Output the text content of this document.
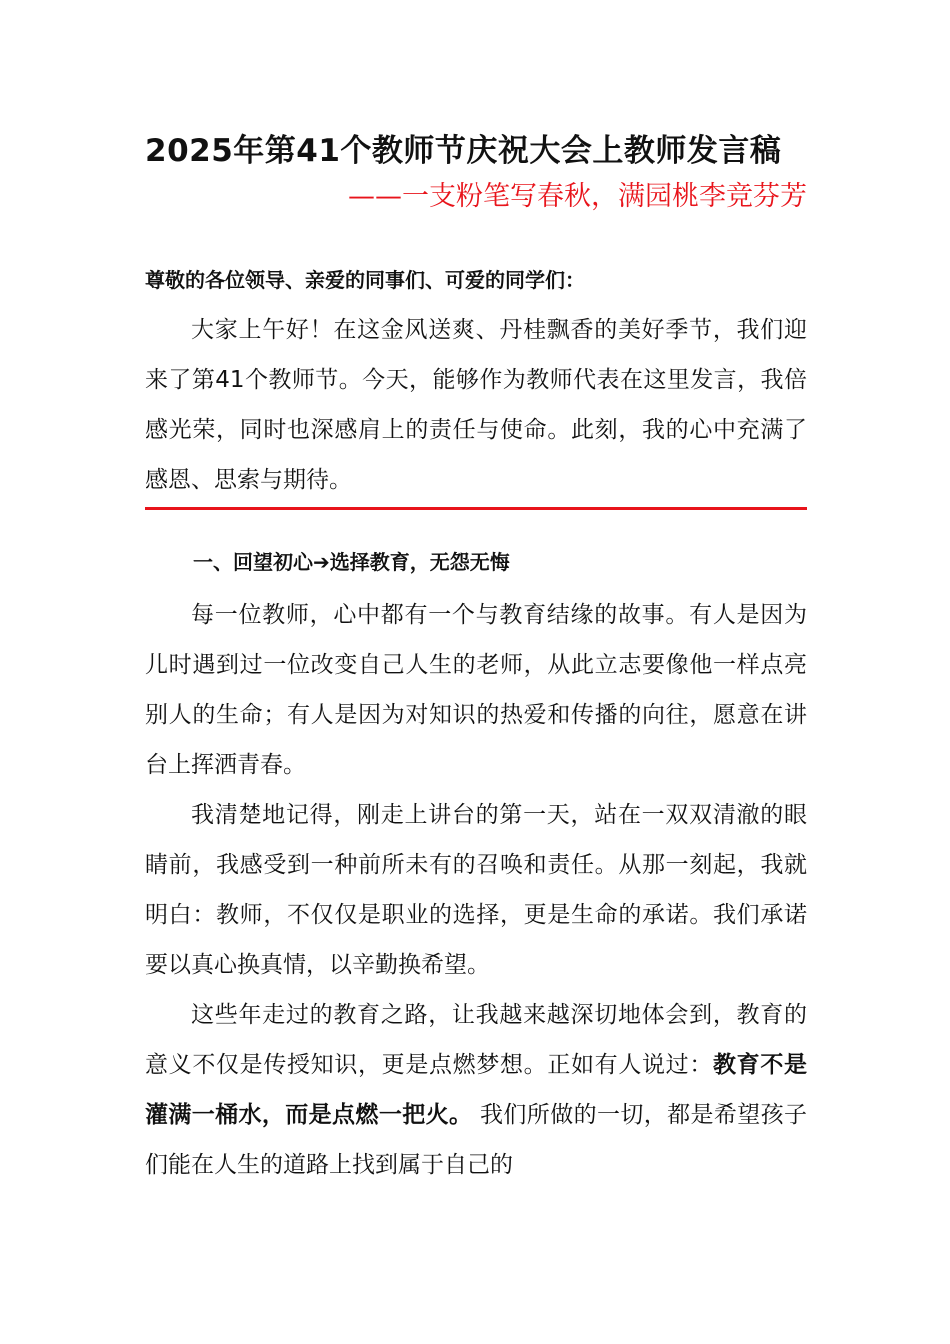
2025年第41个教师节庆祝大会上教师发言稿

——一支粉笔写春秋，满园桃李竞芬芳

尊敬的各位领导、亲爱的同事们、可爱的同学们：

大家上午好！在这金风送爽、丹桂飘香的美好季节，我们迎来了第41个教师节。今天，能够作为教师代表在这里发言，我倍感光荣，同时也深感肩上的责任与使命。此刻，我的心中充满了感恩、思索与期待。

一、回望初心➔选择教育，无怨无悔

每一位教师，心中都有一个与教育结缘的故事。有人是因为儿时遇到过一位改变自己人生的老师，从此立志要像他一样点亮别人的生命；有人是因为对知识的热爱和传播的向往，愿意在讲台上挥洒青春。

我清楚地记得，刚走上讲台的第一天，站在一双双清澈的眼睛前，我感受到一种前所未有的召唤和责任。从那一刻起，我就明白：教师，不仅仅是职业的选择，更是生命的承诺。我们承诺要以真心换真情，以辛勤换希望。

这些年走过的教育之路，让我越来越深切地体会到，教育的意义不仅是传授知识，更是点燃梦想。正如有人说过：教育不是灌满一桶水，而是点燃一把火。 我们所做的一切，都是希望孩子们能在人生的道路上找到属于自己的
